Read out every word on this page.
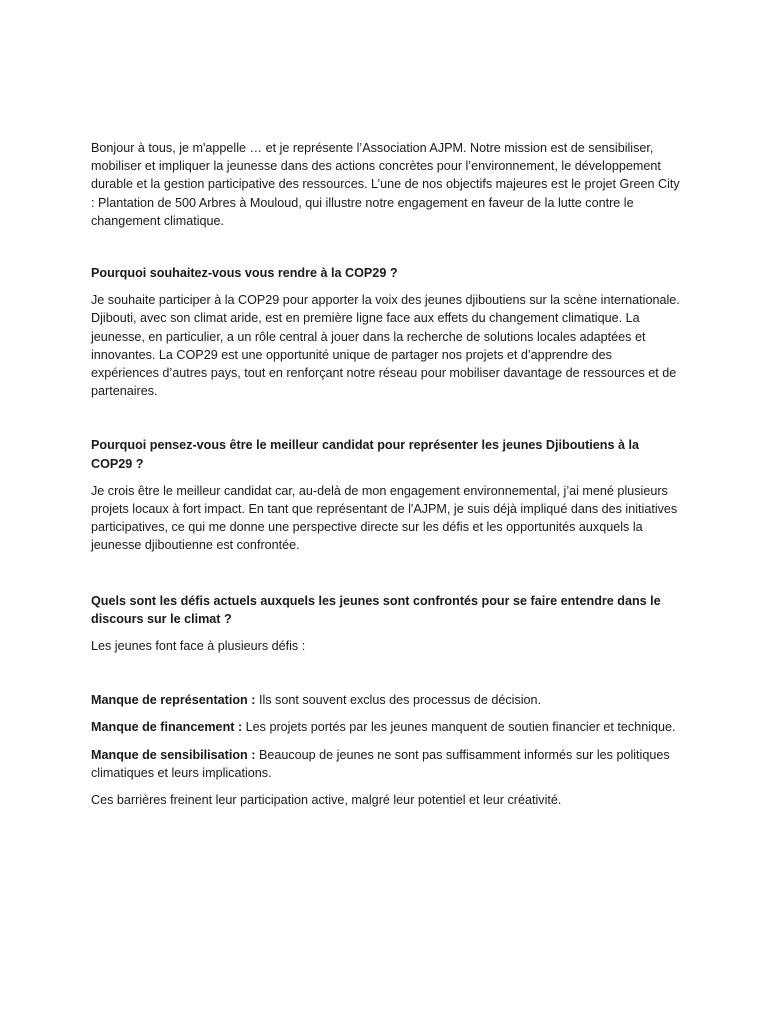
Bonjour à tous, je m'appelle … et je représente l’Association AJPM. Notre mission est de sensibiliser, mobiliser et impliquer la jeunesse dans des actions concrètes pour l’environnement, le développement durable et la gestion participative des ressources. L’une de nos objectifs majeures est le projet Green City : Plantation de 500 Arbres à Mouloud, qui illustre notre engagement en faveur de la lutte contre le changement climatique.

Pourquoi souhaitez-vous vous rendre à la COP29 ?

Je souhaite participer à la COP29 pour apporter la voix des jeunes djiboutiens sur la scène internationale. Djibouti, avec son climat aride, est en première ligne face aux effets du changement climatique. La jeunesse, en particulier, a un rôle central à jouer dans la recherche de solutions locales adaptées et innovantes. La COP29 est une opportunité unique de partager nos projets et d’apprendre des expériences d’autres pays, tout en renforçant notre réseau pour mobiliser davantage de ressources et de partenaires.

Pourquoi pensez-vous être le meilleur candidat pour représenter les jeunes Djiboutiens à la COP29 ?

Je crois être le meilleur candidat car, au-delà de mon engagement environnemental, j’ai mené plusieurs projets locaux à fort impact. En tant que représentant de l'AJPM, je suis déjà impliqué dans des initiatives participatives, ce qui me donne une perspective directe sur les défis et les opportunités auxquels la jeunesse djiboutienne est confrontée.

Quels sont les défis actuels auxquels les jeunes sont confrontés pour se faire entendre dans le discours sur le climat ?

Les jeunes font face à plusieurs défis :

Manque de représentation : Ils sont souvent exclus des processus de décision.

Manque de financement : Les projets portés par les jeunes manquent de soutien financier et technique.

Manque de sensibilisation : Beaucoup de jeunes ne sont pas suffisamment informés sur les politiques climatiques et leurs implications.

Ces barrières freinent leur participation active, malgré leur potentiel et leur créativité.
